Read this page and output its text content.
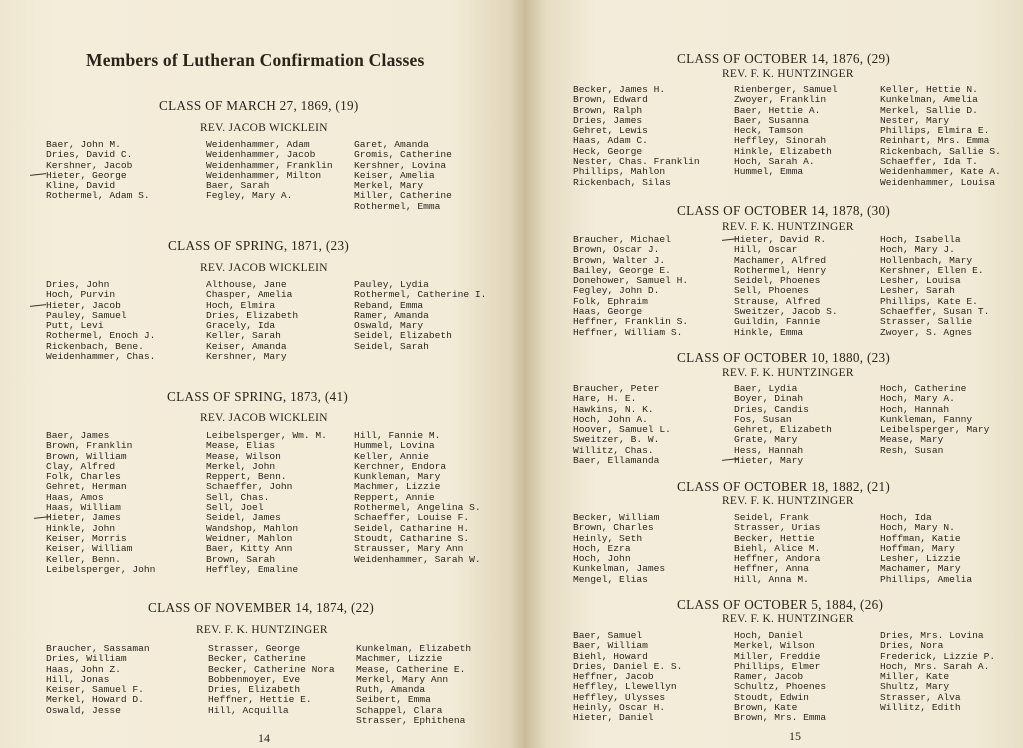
Members of Lutheran Confirmation Classes
CLASS OF MARCH 27, 1869, (19)
REV. JACOB WICKLEIN
Baer, John M.
Dries, David C.
Kershner, Jacob
Hieter, George
Kline, David
Rothermel, Adam S.
Weidenhammer, Adam
Weidenhammer, Jacob
Weidenhammer, Franklin
Weidenhammer, Milton
Baer, Sarah
Fegley, Mary A.
Garet, Amanda
Gromis, Catherine
Kershner, Lovina
Keiser, Amelia
Merkel, Mary
Miller, Catherine
Rothermel, Emma
CLASS OF SPRING, 1871, (23)
REV. JACOB WICKLEIN
Dries, John
Hoch, Purvin
Hieter, Jacob
Pauley, Samuel
Putt, Levi
Rothermel, Enoch J.
Rickenbach, Bene.
Weidenhammer, Chas.
Althouse, Jane
Chasper, Amelia
Hoch, Elmira
Dries, Elizabeth
Gracely, Ida
Keller, Sarah
Keiser, Amanda
Kershner, Mary
Pauley, Lydia
Rothermel, Catherine I.
Reband, Emma
Ramer, Amanda
Oswald, Mary
Seidel, Elizabeth
Seidel, Sarah
CLASS OF SPRING, 1873, (41)
REV. JACOB WICKLEIN
Baer, James
Brown, Franklin
Brown, William
Clay, Alfred
Folk, Charles
Gehret, Herman
Haas, Amos
Haas, William
Hieter, James
Hinkle, John
Keiser, Morris
Keiser, William
Keller, Benn.
Leibelsperger, John
Leibelsperger, Wm. M.
Mease, Elias
Mease, Wilson
Merkel, John
Reppert, Benn.
Schaeffer, John
Sell, Chas.
Sell, Joel
Seidel, James
Wandshop, Mahlon
Weidner, Mahlon
Baer, Kitty Ann
Brown, Sarah
Heffley, Emaline
Hill, Fannie M.
Hummel, Lovina
Keller, Annie
Kerchner, Endora
Kunkleman, Mary
Machmer, Lizzie
Reppert, Annie
Rothermel, Angelina S.
Schaeffer, Louise F.
Seidel, Catharine H.
Stoudt, Catharine S.
Strausser, Mary Ann
Weidenhammer, Sarah W.
CLASS OF NOVEMBER 14, 1874, (22)
REV. F. K. HUNTZINGER
Braucher, Sassaman
Dries, William
Haas, John Z.
Hill, Jonas
Keiser, Samuel F.
Merkel, Howard D.
Oswald, Jesse
Strasser, George
Becker, Catherine
Becker, Catherine Nora
Bobbenmoyer, Eve
Dries, Elizabeth
Heffner, Hettie E.
Hill, Acquilla
Kunkelman, Elizabeth
Machmer, Lizzie
Mease, Catherine E.
Merkel, Mary Ann
Ruth, Amanda
Seibert, Emma
Schappel, Clara
Strasser, Ephithena
14
CLASS OF OCTOBER 14, 1876, (29)
REV. F. K. HUNTZINGER
Becker, James H.
Brown, Edward
Brown, Ralph
Dries, James
Gehret, Lewis
Haas, Adam C.
Heck, George
Nester, Chas. Franklin
Phillips, Mahlon
Rickenbach, Silas
Rienberger, Samuel
Zwoyer, Franklin
Baer, Hettie A.
Baer, Susanna
Heck, Tamson
Heffley, Sinorah
Hinkle, Elizabeth
Hoch, Sarah A.
Hummel, Emma
Keller, Hettie N.
Kunkelman, Amelia
Merkel, Sallie D.
Nester, Mary
Phillips, Elmira E.
Reinhart, Mrs. Emma
Rickenbach, Sallie S.
Schaeffer, Ida T.
Weidenhammer, Kate A.
Weidenhammer, Louisa
CLASS OF OCTOBER 14, 1878, (30)
REV. F. K. HUNTZINGER
Braucher, Michael
Brown, Oscar J.
Brown, Walter J.
Bailey, George E.
Donehower, Samuel H.
Fegley, John D.
Folk, Ephraim
Haas, George
Heffner, Franklin S.
Heffner, William S.
Hieter, David R.
Hill, Oscar
Machamer, Alfred
Rothermel, Henry
Seidel, Phoenes
Sell, Phoenes
Strause, Alfred
Sweitzer, Jacob S.
Guildin, Fannie
Hinkle, Emma
Hoch, Isabella
Hoch, Mary J.
Hollenbach, Mary
Kershner, Ellen E.
Lesher, Louisa
Lesher, Sarah
Phillips, Kate E.
Schaeffer, Susan T.
Strasser, Sallie
Zwoyer, S. Agnes
CLASS OF OCTOBER 10, 1880, (23)
REV. F. K. HUNTZINGER
Braucher, Peter
Hare, H. E.
Hawkins, N. K.
Hoch, John A.
Hoover, Samuel L.
Sweitzer, B. W.
Willitz, Chas.
Baer, Ellamanda
Baer, Lydia
Boyer, Dinah
Dries, Candis
Fos, Susan
Gehret, Elizabeth
Grate, Mary
Hess, Hannah
Hieter, Mary
Hoch, Catherine
Hoch, Mary A.
Hoch, Hannah
Kunkleman, Fanny
Leibelsperger, Mary
Mease, Mary
Resh, Susan
CLASS OF OCTOBER 18, 1882, (21)
REV. F. K. HUNTZINGER
Becker, William
Brown, Charles
Heinly, Seth
Hoch, Ezra
Hoch, John
Kunkelman, James
Mengel, Elias
Seidel, Frank
Strasser, Urias
Becker, Hettie
Biehl, Alice M.
Heffner, Andora
Heffner, Anna
Hill, Anna M.
Hoch, Ida
Hoch, Mary N.
Hoffman, Katie
Hoffman, Mary
Lesher, Lizzie
Machamer, Mary
Phillips, Amelia
CLASS OF OCTOBER 5, 1884, (26)
REV. F. K. HUNTZINGER
Baer, Samuel
Baer, William
Biehl, Howard
Dries, Daniel E. S.
Heffner, Jacob
Heffley, Llewellyn
Heffley, Ulysses
Heinly, Oscar H.
Hieter, Daniel
Hoch, Daniel
Merkel, Wilson
Miller, Freddie
Phillips, Elmer
Ramer, Jacob
Schultz, Phoenes
Stoudt, Edwin
Brown, Kate
Brown, Mrs. Emma
Dries, Mrs. Lovina
Dries, Nora
Frederick, Lizzie P.
Hoch, Mrs. Sarah A.
Miller, Kate
Shultz, Mary
Strasser, Alva
Willitz, Edith
15
